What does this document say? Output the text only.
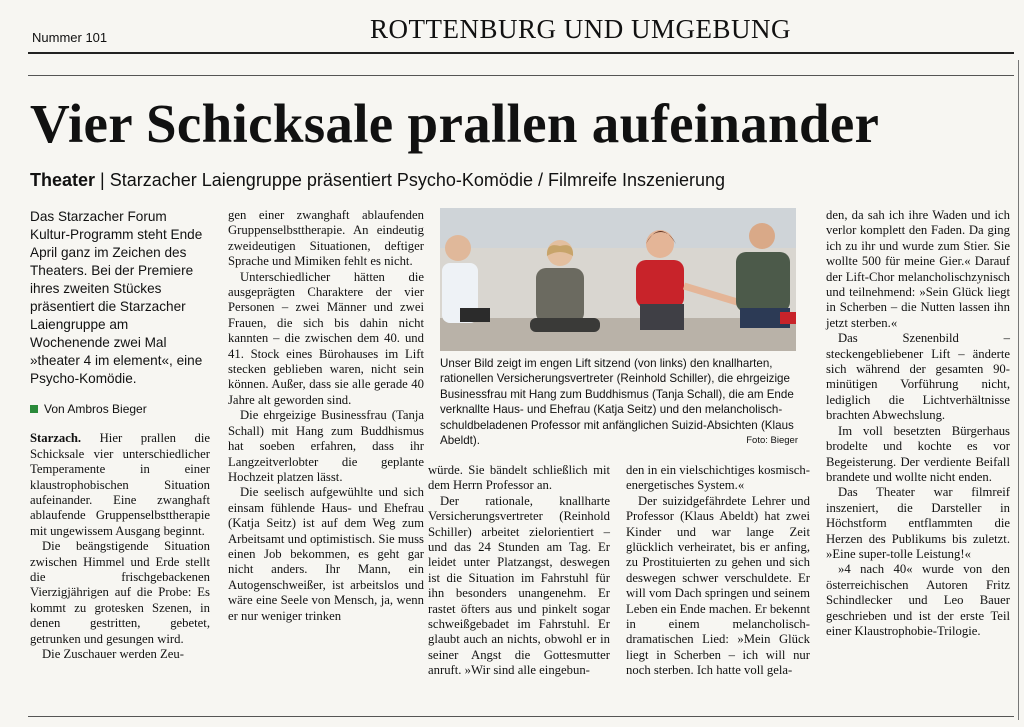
Nummer 101	ROTTENBURG UND UMGEBUNG
Vier Schicksale prallen aufeinander
Theater | Starzacher Laiengruppe präsentiert Psycho-Komödie / Filmreife Inszenierung
Das Starzacher Forum Kultur-Programm steht Ende April ganz im Zeichen des Theaters. Bei der Premiere ihres zweiten Stückes präsentiert die Starzacher Laiengruppe am Wochenende zwei Mal »theater 4 im element«, eine Psycho-Komödie.
Von Ambros Bieger

Starzach. Hier prallen die Schicksale vier unterschiedlicher Temperamente in einer klaustrophobischen Situation aufeinander. Eine zwanghaft ablaufende Gruppenselbsttherapie mit ungewissem Ausgang beginnt.

Die beängstigende Situation zwischen Himmel und Erde stellt die frischgebackenen Vierzigjährigen auf die Probe: Es kommt zu grotesken Szenen, in denen gestritten, gebetet, getrunken und gesungen wird.

Die Zuschauer werden Zeu-

gen einer zwanghaft ablaufenden Gruppenselbsttherapie. An eindeutig zweideutigen Situationen, deftiger Sprache und Mimiken fehlt es nicht.

Unterschiedlicher hätten die ausgeprägten Charaktere der vier Personen – zwei Männer und zwei Frauen, die sich bis dahin nicht kannten – die zwischen dem 40. und 41. Stock eines Bürohauses im Lift stecken geblieben waren, nicht sein können. Außer, dass sie alle gerade 40 Jahre alt geworden sind.

Die ehrgeizige Businessfrau (Tanja Schall) mit Hang zum Buddhismus hat soeben erfahren, dass ihr Langzeitverlobter die geplante Hochzeit platzen lässt.

Die seelisch aufgewühlte und sich einsam fühlende Haus- und Ehefrau (Katja Seitz) ist auf dem Weg zum Arbeitsamt und optimistisch. Sie muss einen Job bekommen, es geht gar nicht anders. Ihr Mann, ein Autogenschweißer, ist arbeitslos und wäre eine Seele von Mensch, ja, wenn er nur weniger trinken

Unser Bild zeigt im engen Lift sitzend (von links) den knallharten, rationellen Versicherungsvertreter (Reinhold Schiller), die ehrgeizige Businessfrau mit Hang zum Buddhismus (Tanja Schall), die am Ende verknallte Haus- und Ehefrau (Katja Seitz) und den melancholisch-schuldbeladenen Professor mit anfänglichen Suizid-Absichten (Klaus Abeldt).	Foto: Bieger

würde. Sie bändelt schließlich mit dem Herrn Professor an.

Der rationale, knallharte Versicherungsvertreter (Reinhold Schiller) arbeitet zielorientiert – und das 24 Stunden am Tag. Er leidet unter Platzangst, deswegen ist die Situation im Fahrstuhl für ihn besonders unangenehm. Er rastet öfters aus und pinkelt sogar schweißgebadet im Fahrstuhl. Er glaubt auch an nichts, obwohl er in seiner Angst die Gottesmutter anruft. »Wir sind alle eingebun-

den in ein vielschichtiges kosmisch-energetisches System.«

Der suizidgefährdete Lehrer und Professor (Klaus Abeldt) hat zwei Kinder und war lange Zeit glücklich verheiratet, bis er anfing, zu Prostituierten zu gehen und sich deswegen schwer verschuldete. Er will vom Dach springen und seinem Leben ein Ende machen. Er bekennt in einem melancholisch-dramatischen Lied: »Mein Glück liegt in Scherben – ich will nur noch sterben. Ich hatte voll gela-

den, da sah ich ihre Waden und ich verlor komplett den Faden. Da ging ich zu ihr und wurde zum Stier. Sie wollte 500 für meine Gier.« Darauf der Lift-Chor melancholischzynisch und teilnehmend: »Sein Glück liegt in Scherben – die Nutten lassen ihn jetzt sterben.«

Das Szenenbild – steckengebliebener Lift – änderte sich während der gesamten 90-minütigen Vorführung nicht, lediglich die Lichtverhältnisse brachten Abwechslung.

Im voll besetzten Bürgerhaus brodelte und kochte es vor Begeisterung. Der verdiente Beifall brandete und wollte nicht enden.

Das Theater war filmreif inszeniert, die Darsteller in Höchstform entflammten die Herzen des Publikums bis zuletzt. »Eine super-tolle Leistung!«

»4 nach 40« wurde von den österreichischen Autoren Fritz Schindlecker und Leo Bauer geschrieben und ist der erste Teil einer Klaustrophobie-Trilogie.
